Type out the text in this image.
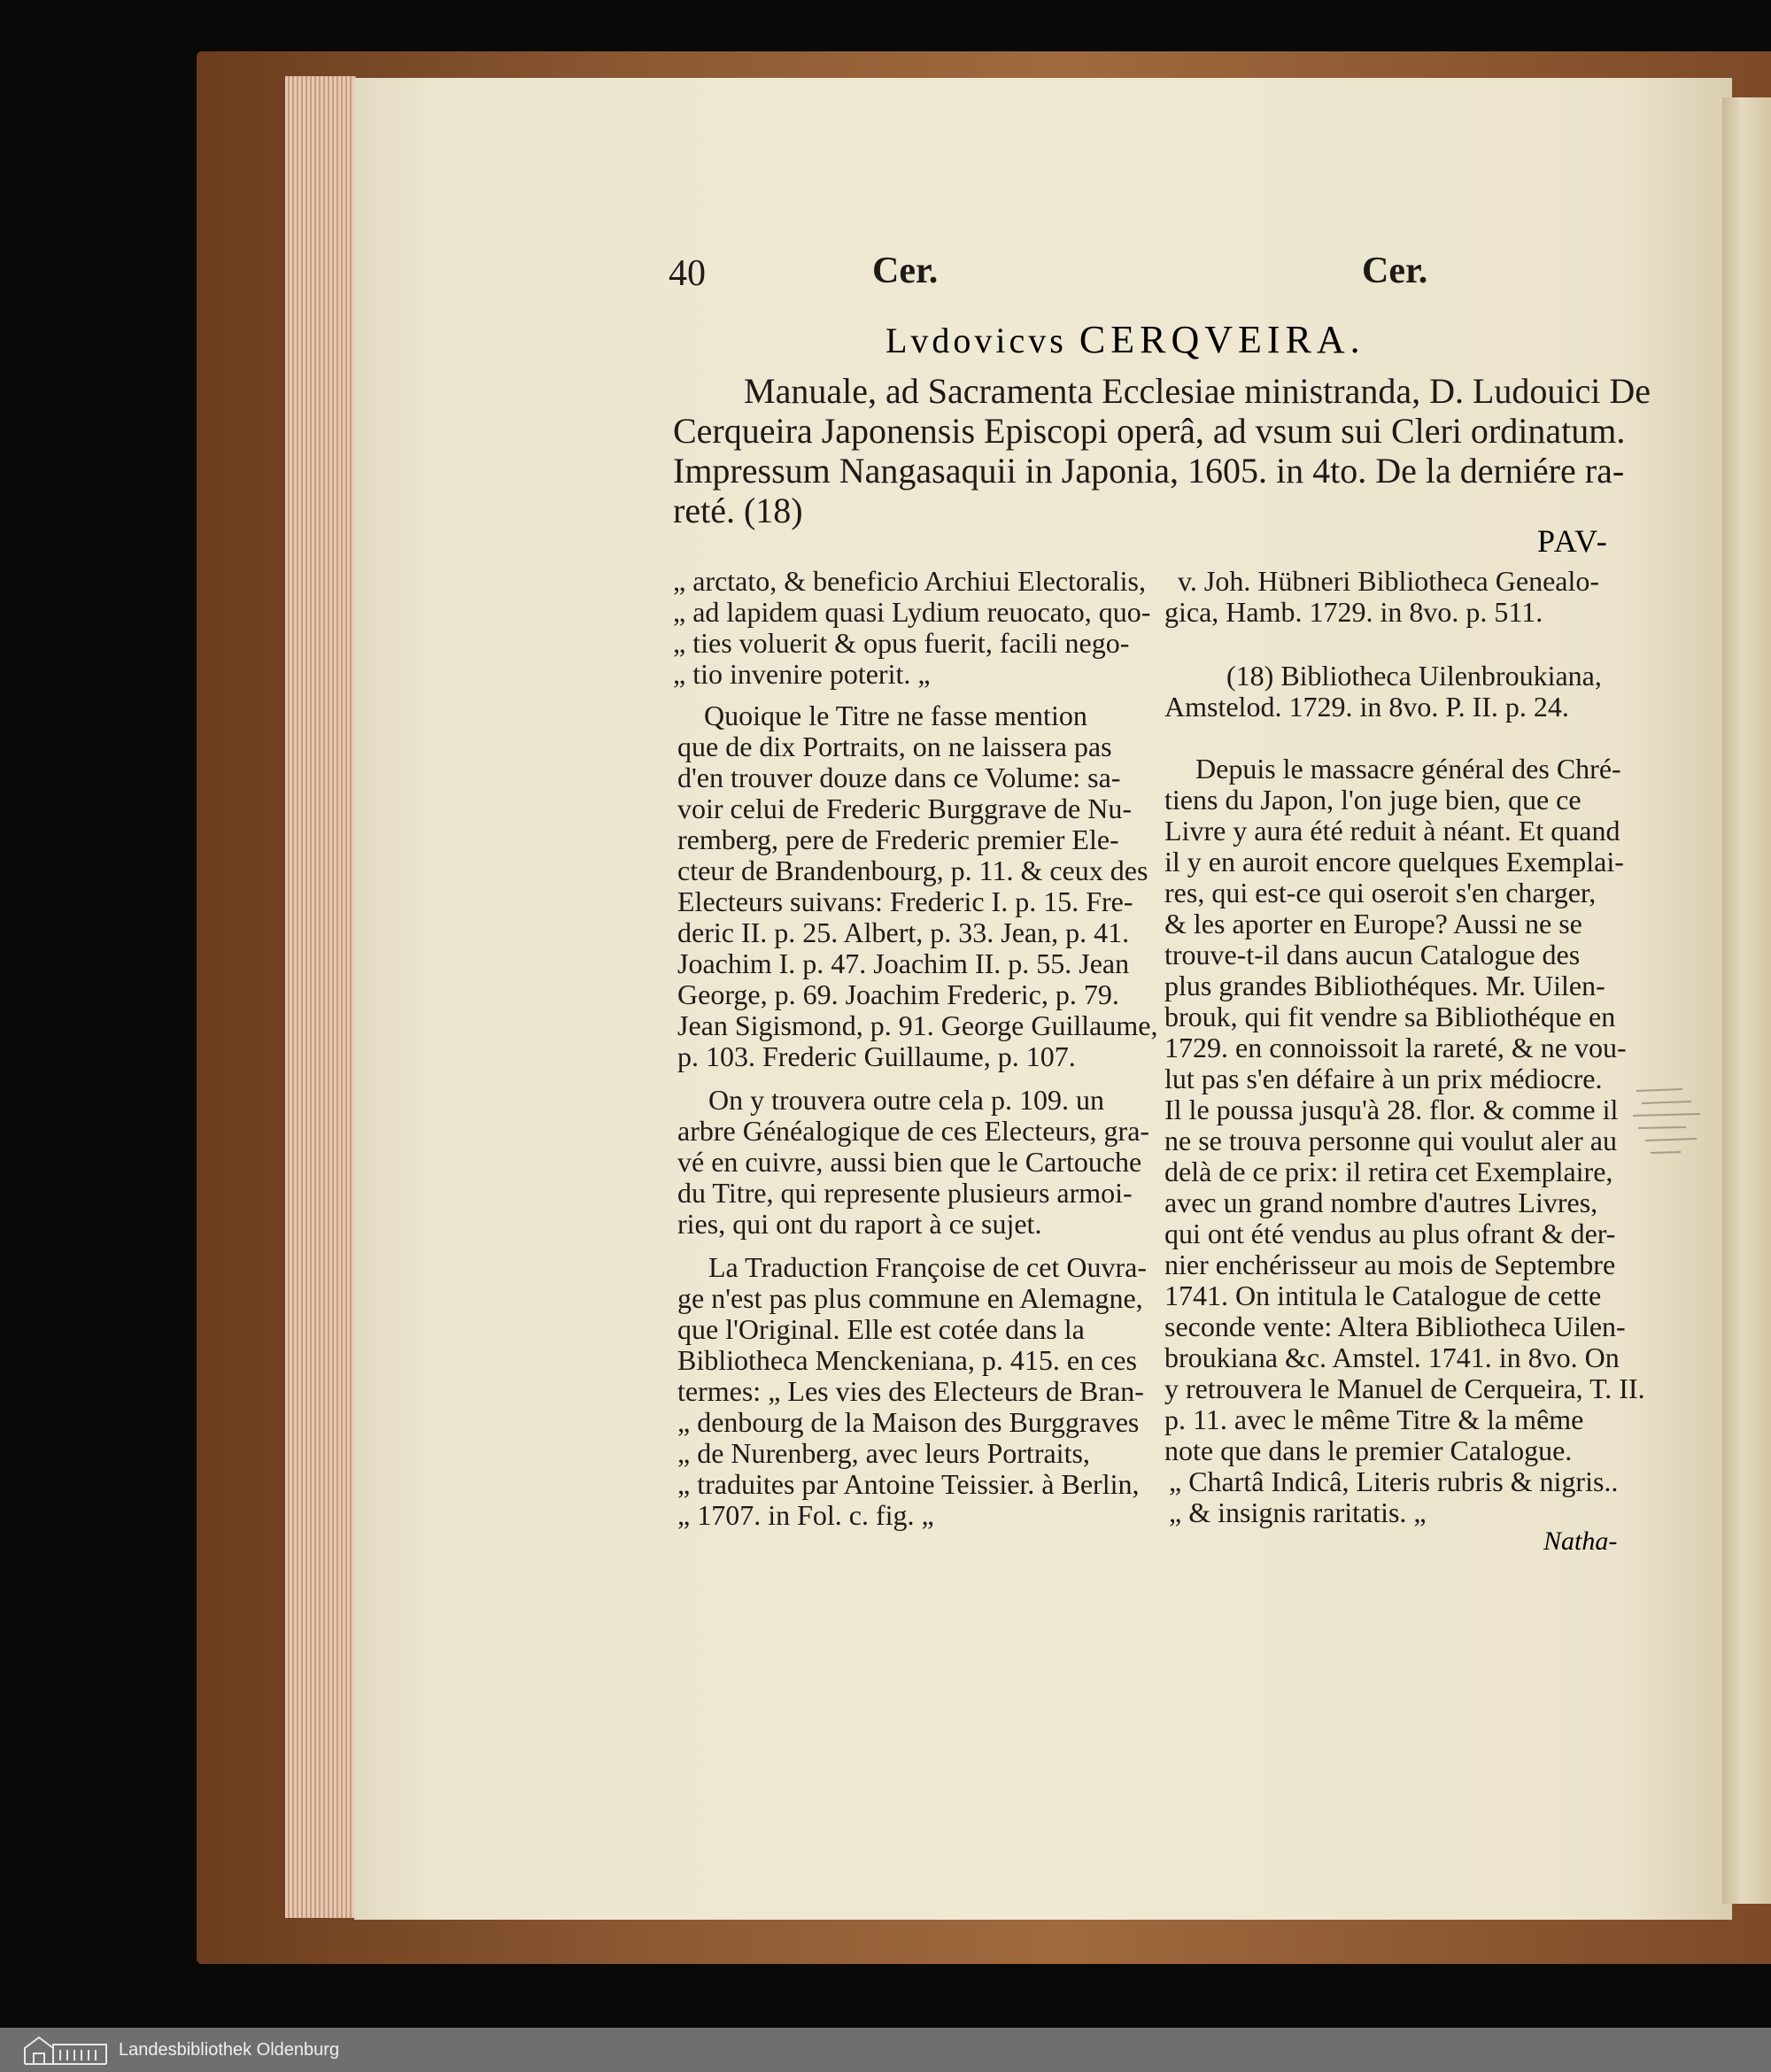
40	Cer.	Cer.
Lvdovicvs CERQVEIRA.
Manuale, ad Sacramenta Ecclesiae ministranda, D. Ludouici De
Cerqueira Japonensis Episcopi operâ, ad vsum sui Cleri ordinatum.
Impressum Nangasaquii in Japonia, 1605. in 4to. De la derniére ra-
reté. (18)
PAV-
„ arctato, & beneficio Archiui Electoralis,
„ ad lapidem quasi Lydium reuocato, quo-
„ ties voluerit & opus fuerit, facili nego-
„ tio invenire poterit. „
Quoique le Titre ne fasse mention
que de dix Portraits, on ne laissera pas
d'en trouver douze dans ce Volume: sa-
voir celui de Frederic Burggrave de Nu-
remberg, pere de Frederic premier Ele-
cteur de Brandenbourg, p. 11. & ceux des
Electeurs suivans: Frederic I. p. 15. Fre-
deric II. p. 25. Albert, p. 33. Jean, p. 41.
Joachim I. p. 47. Joachim II. p. 55. Jean
George, p. 69. Joachim Frederic, p. 79.
Jean Sigismond, p. 91. George Guillaume,
p. 103. Frederic Guillaume, p. 107.
On y trouvera outre cela p. 109. un
arbre Généalogique de ces Electeurs, gra-
vé en cuivre, aussi bien que le Cartouche
du Titre, qui represente plusieurs armoi-
ries, qui ont du raport à ce sujet.
La Traduction Françoise de cet Ouvra-
ge n'est pas plus commune en Alemagne,
que l'Original. Elle est cotée dans la
Bibliotheca Menckeniana, p. 415. en ces
termes: „ Les vies des Electeurs de Bran-
„ denbourg de la Maison des Burggraves
„ de Nurenberg, avec leurs Portraits,
„ traduites par Antoine Teissier. à Berlin,
„ 1707. in Fol. c. fig. „
v. Joh. Hübneri Bibliotheca Genealo-
gica, Hamb. 1729. in 8vo. p. 511.
(18) Bibliotheca Uilenbroukiana,
Amstelod. 1729. in 8vo. P. II. p. 24.
Depuis le massacre général des Chré-
tiens du Japon, l'on juge bien, que ce
Livre y aura été reduit à néant. Et quand
il y en auroit encore quelques Exemplai-
res, qui est-ce qui oseroit s'en charger,
& les aporter en Europe? Aussi ne se
trouve-t-il dans aucun Catalogue des
plus grandes Bibliothéques. Mr. Uilen-
brouk, qui fit vendre sa Bibliothéque en
1729. en connoissoit la rareté, & ne vou-
lut pas s'en défaire à un prix médiocre.
Il le poussa jusqu'à 28. flor. & comme il
ne se trouva personne qui voulut aler au
delà de ce prix: il retira cet Exemplaire,
avec un grand nombre d'autres Livres,
qui ont été vendus au plus ofrant & der-
nier enchérisseur au mois de Septembre
1741. On intitula le Catalogue de cette
seconde vente: Altera Bibliotheca Uilen-
broukiana &c. Amstel. 1741. in 8vo. On
y retrouvera le Manuel de Cerqueira, T. II.
p. 11. avec le même Titre & la même
note que dans le premier Catalogue.
„ Chartâ Indicâ, Literis rubris & nigris..
„ & insignis raritatis. „
Natha-
Landesbibliothek Oldenburg
